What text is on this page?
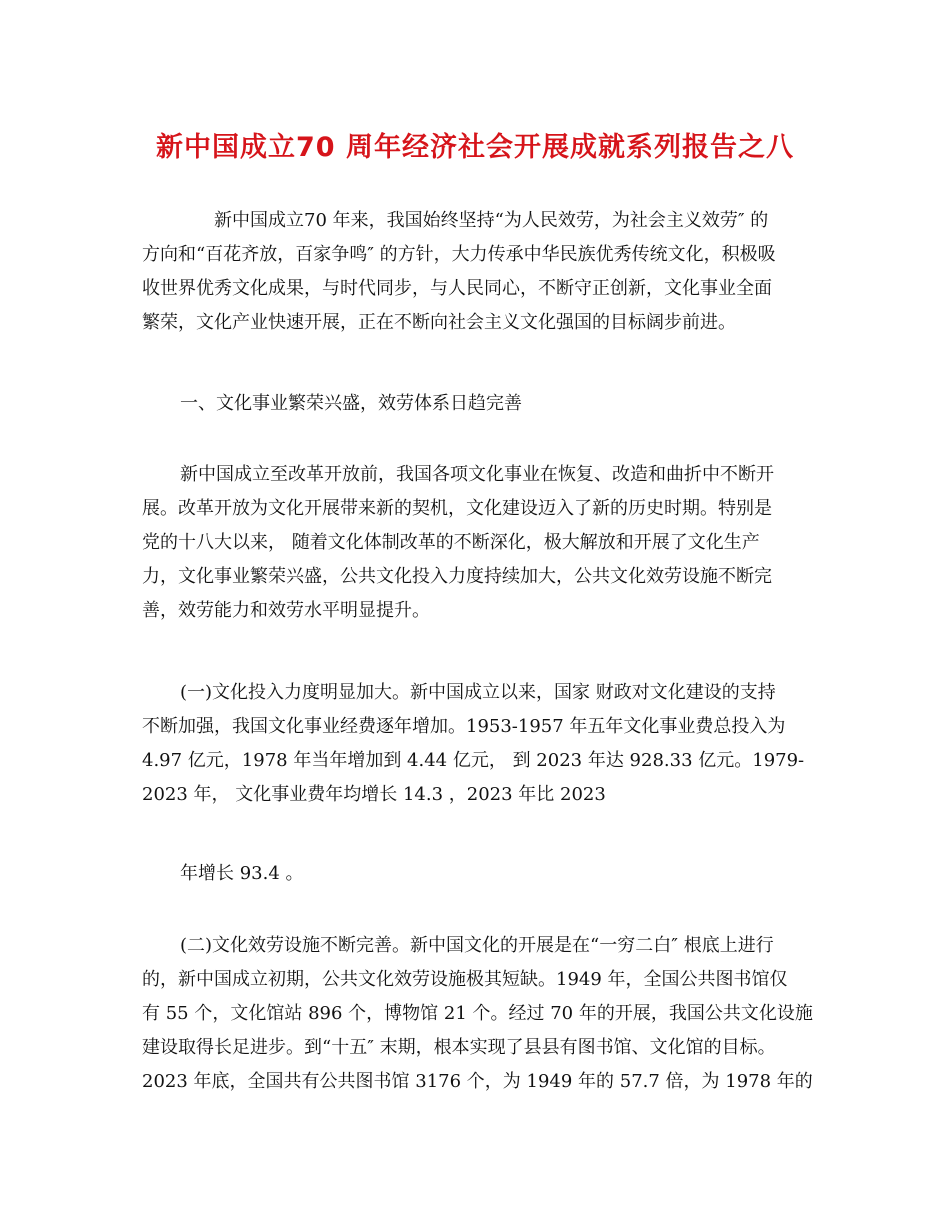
新中国成立70 周年经济社会开展成就系列报告之八
新中国成立70 年来，我国始终坚持“为人民效劳，为社会主义效劳″ 的
方向和“百花齐放，百家争鸣″ 的方针，大力传承中华民族优秀传统文化，积极吸
收世界优秀文化成果，与时代同步，与人民同心，不断守正创新，文化事业全面
繁荣，文化产业快速开展，正在不断向社会主义文化强国的目标阔步前进。
一、文化事业繁荣兴盛，效劳体系日趋完善
新中国成立至改革开放前，我国各项文化事业在恢复、改造和曲折中不断开
展。改革开放为文化开展带来新的契机，文化建设迈入了新的历史时期。特别是
党的十八大以来， 随着文化体制改革的不断深化，极大解放和开展了文化生产
力，文化事业繁荣兴盛，公共文化投入力度持续加大，公共文化效劳设施不断完
善，效劳能力和效劳水平明显提升。
(一)文化投入力度明显加大。新中国成立以来，国家 财政对文化建设的支持
不断加强，我国文化事业经费逐年增加。1953-1957 年五年文化事业费总投入为
4.97 亿元，1978 年当年增加到 4.44 亿元， 到 2023 年达 928.33 亿元。1979-
2023 年， 文化事业费年均增长 14.3 ，2023 年比 2023
年增长 93.4 。
(二)文化效劳设施不断完善。新中国文化的开展是在“一穷二白″ 根底上进行
的，新中国成立初期，公共文化效劳设施极其短缺。1949 年，全国公共图书馆仅
有 55 个，文化馆站 896 个，博物馆 21 个。经过 70 年的开展，我国公共文化设施
建设取得长足进步。到“十五″ 末期，根本实现了县县有图书馆、文化馆的目标。
2023 年底，全国共有公共图书馆 3176 个，为 1949 年的 57.7 倍，为 1978 年的
